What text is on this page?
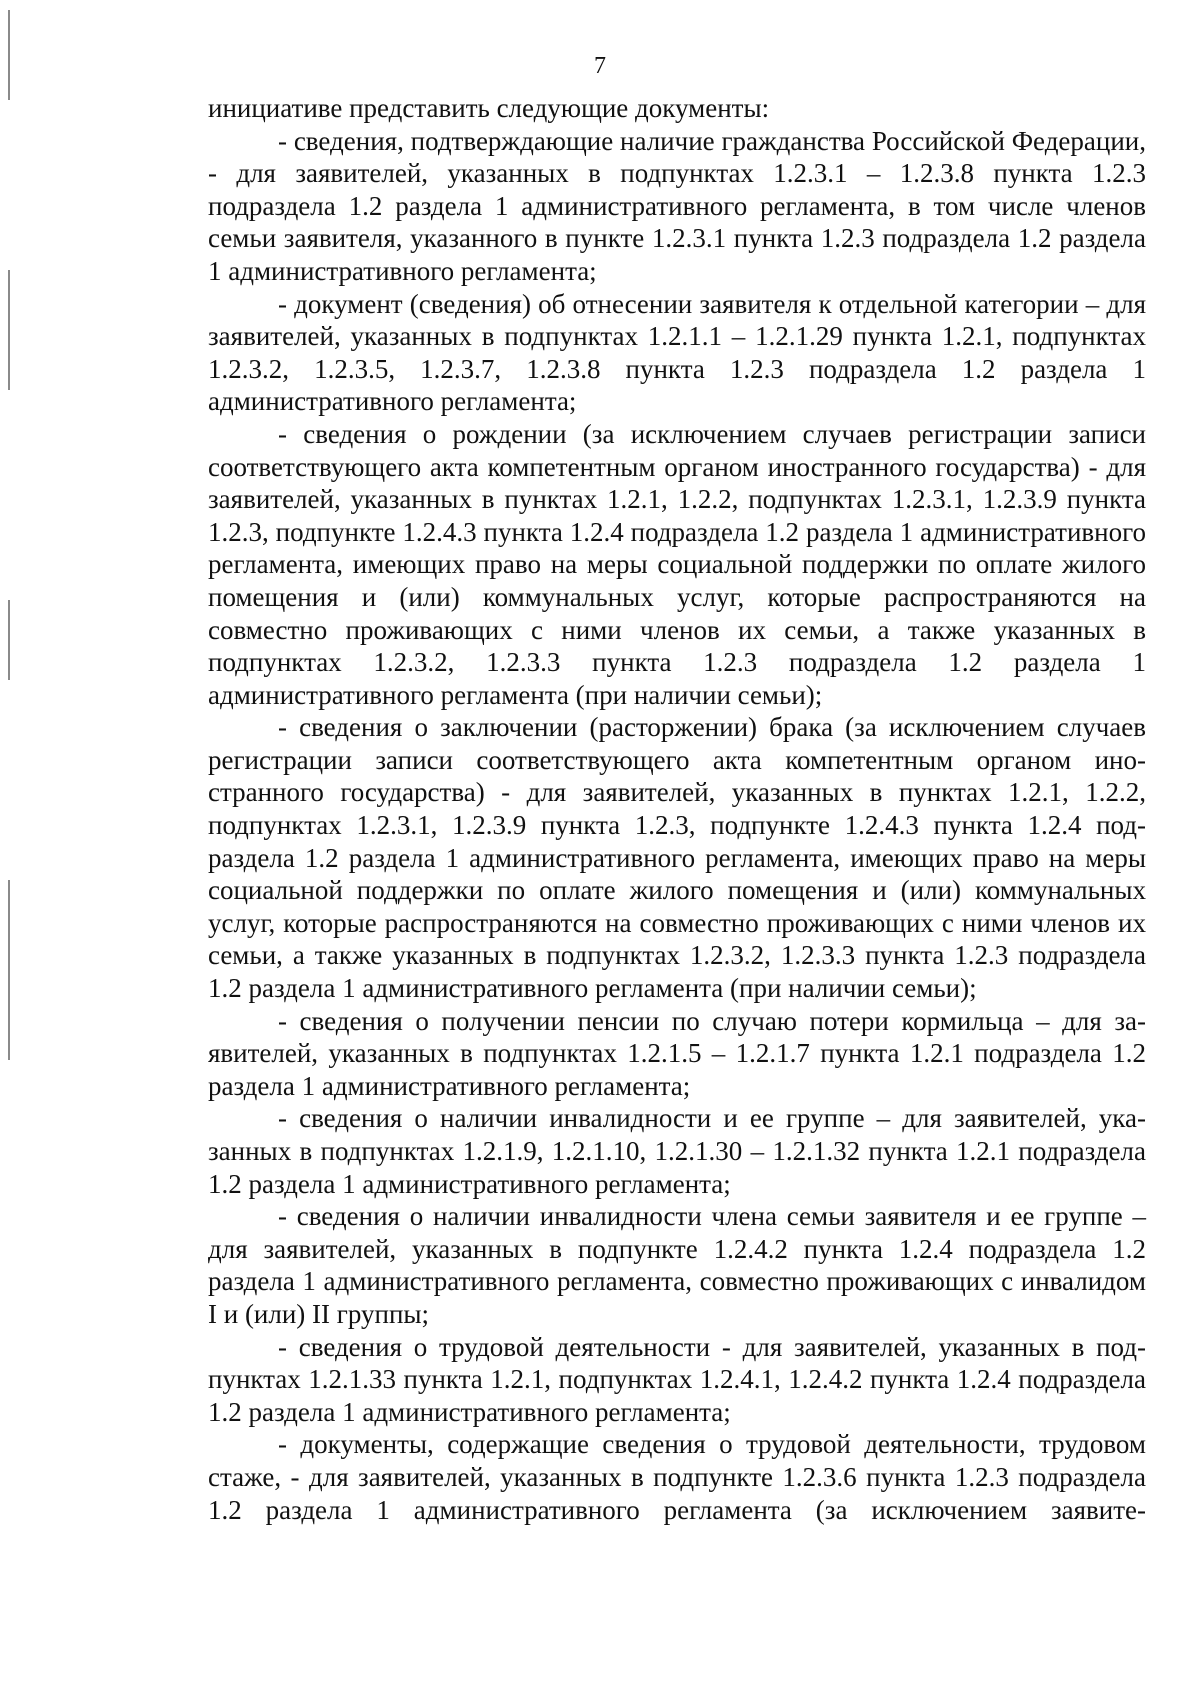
7

инициативе представить следующие документы:

- сведения, подтверждающие наличие гражданства Российской Федерации, - для заявителей, указанных в подпунктах 1.2.3.1 – 1.2.3.8 пункта 1.2.3 подраздела 1.2 раздела 1 административного регламента, в том числе членов семьи заявителя, указанного в пункте 1.2.3.1 пункта 1.2.3 подраздела 1.2 раздела 1 административного регламента;

- документ (сведения) об отнесении заявителя к отдельной категории – для заявителей, указанных в подпунктах 1.2.1.1 – 1.2.1.29 пункта 1.2.1, подпунктах 1.2.3.2, 1.2.3.5, 1.2.3.7, 1.2.3.8 пункта 1.2.3 подраздела 1.2 раздела 1 административного регламента;

- сведения о рождении (за исключением случаев регистрации записи соответствующего акта компетентным органом иностранного государства) - для заявителей, указанных в пунктах 1.2.1, 1.2.2, подпунктах 1.2.3.1, 1.2.3.9 пункта 1.2.3, подпункте 1.2.4.3 пункта 1.2.4 подраздела 1.2 раздела 1 административного регламента, имеющих право на меры социальной поддержки по оплате жилого помещения и (или) коммунальных услуг, которые распространяются на совместно проживающих с ними членов их семьи, а также указанных в подпунктах 1.2.3.2, 1.2.3.3 пункта 1.2.3 подраздела 1.2 раздела 1 административного регламента (при наличии семьи);

- сведения о заключении (расторжении) брака (за исключением случаев регистрации записи соответствующего акта компетентным органом иностранного государства) - для заявителей, указанных в пунктах 1.2.1, 1.2.2, подпунктах 1.2.3.1, 1.2.3.9 пункта 1.2.3, подпункте 1.2.4.3 пункта 1.2.4 подраздела 1.2 раздела 1 административного регламента, имеющих право на меры социальной поддержки по оплате жилого помещения и (или) коммунальных услуг, которые распространяются на совместно проживающих с ними членов их семьи, а также указанных в подпунктах 1.2.3.2, 1.2.3.3 пункта 1.2.3 подраздела 1.2 раздела 1 административного регламента (при наличии семьи);

- сведения о получении пенсии по случаю потери кормильца – для заявителей, указанных в подпунктах 1.2.1.5 – 1.2.1.7 пункта 1.2.1 подраздела 1.2 раздела 1 административного регламента;

- сведения о наличии инвалидности и ее группе – для заявителей, указанных в подпунктах 1.2.1.9, 1.2.1.10, 1.2.1.30 – 1.2.1.32 пункта 1.2.1 подраздела 1.2 раздела 1 административного регламента;

- сведения о наличии инвалидности члена семьи заявителя и ее группе – для заявителей, указанных в подпункте 1.2.4.2 пункта 1.2.4 подраздела 1.2 раздела 1 административного регламента, совместно проживающих с инвалидом I и (или) II группы;

- сведения о трудовой деятельности - для заявителей, указанных в подпунктах 1.2.1.33 пункта 1.2.1, подпунктах 1.2.4.1, 1.2.4.2 пункта 1.2.4 подраздела 1.2 раздела 1 административного регламента;

- документы, содержащие сведения о трудовой деятельности, трудовом стаже, - для заявителей, указанных в подпункте 1.2.3.6 пункта 1.2.3 подраздела 1.2 раздела 1 административного регламента (за исключением заявите-
